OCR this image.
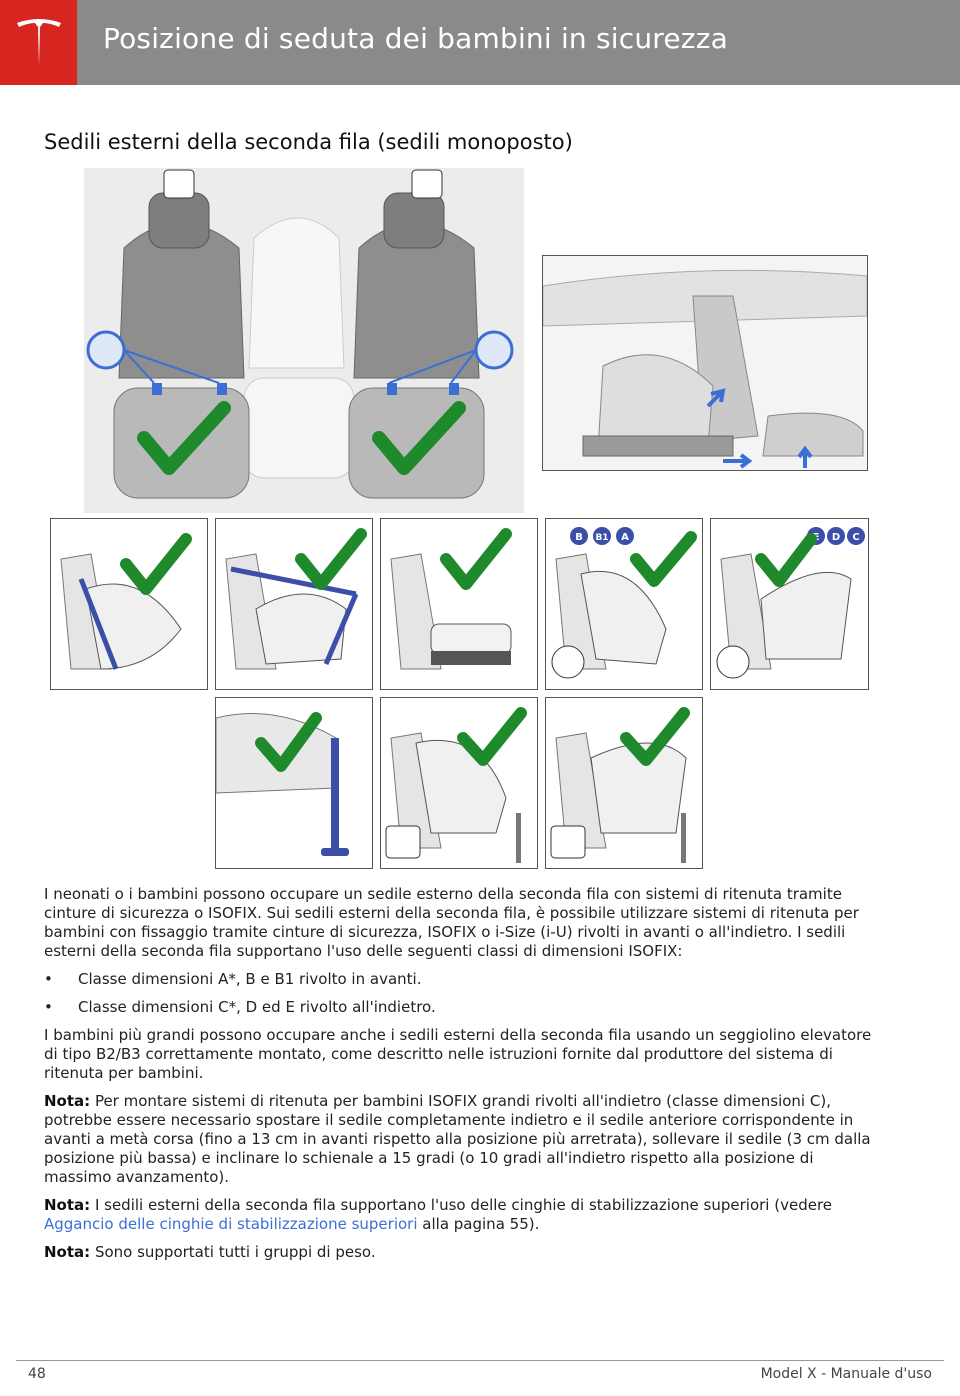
Posizione di seduta dei bambini in sicurezza
Sedili esterni della seconda fila (sedili monoposto)
B B1 A	E D C

I neonati o i bambini possono occupare un sedile esterno della seconda fila con sistemi di ritenuta tramite cinture di sicurezza o ISOFIX. Sui sedili esterni della seconda fila, è possibile utilizzare sistemi di ritenuta per bambini con fissaggio tramite cinture di sicurezza, ISOFIX o i-Size (i-U) rivolti in avanti o all'indietro. I sedili esterni della seconda fila supportano l'uso delle seguenti classi di dimensioni ISOFIX:

• Classe dimensioni A*, B e B1 rivolto in avanti.
• Classe dimensioni C*, D ed E rivolto all'indietro.

I bambini più grandi possono occupare anche i sedili esterni della seconda fila usando un seggiolino elevatore di tipo B2/B3 correttamente montato, come descritto nelle istruzioni fornite dal produttore del sistema di ritenuta per bambini.

Nota: Per montare sistemi di ritenuta per bambini ISOFIX grandi rivolti all'indietro (classe dimensioni C), potrebbe essere necessario spostare il sedile completamente indietro e il sedile anteriore corrispondente in avanti a metà corsa (fino a 13 cm in avanti rispetto alla posizione più arretrata), sollevare il sedile (3 cm dalla posizione più bassa) e inclinare lo schienale a 15 gradi (o 10 gradi all'indietro rispetto alla posizione di massimo avanzamento).

Nota: I sedili esterni della seconda fila supportano l'uso delle cinghie di stabilizzazione superiori (vedere Aggancio delle cinghie di stabilizzazione superiori alla pagina 55).

Nota: Sono supportati tutti i gruppi di peso.

48	Model X - Manuale d'uso
